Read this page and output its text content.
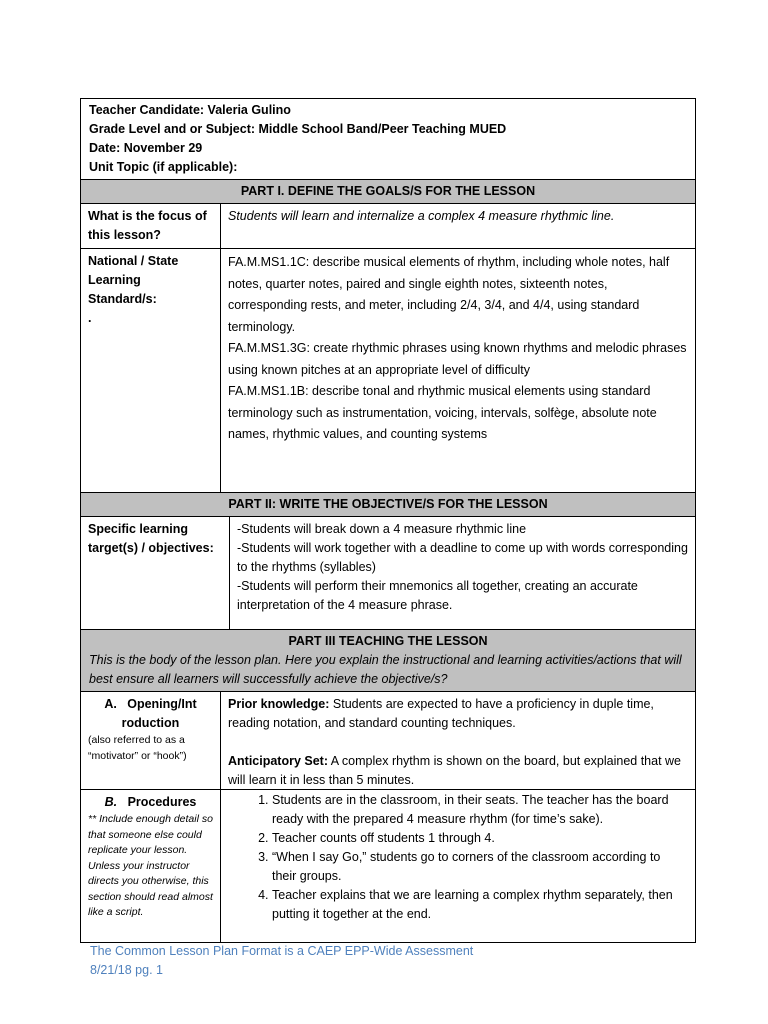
Teacher Candidate: Valeria Gulino
Grade Level and or Subject: Middle School Band/Peer Teaching MUED
Date: November 29
Unit Topic (if applicable):
PART I. DEFINE THE GOALS/S FOR THE LESSON
What is the focus of this lesson?
Students will learn and internalize a complex 4 measure rhythmic line.
National / State Learning Standard/s:
.
FA.M.MS1.1C: describe musical elements of rhythm, including whole notes, half notes, quarter notes, paired and single eighth notes, sixteenth notes, corresponding rests, and meter, including 2/4, 3/4, and 4/4, using standard terminology.
FA.M.MS1.3G: create rhythmic phrases using known rhythms and melodic phrases using known pitches at an appropriate level of difficulty
FA.M.MS1.1B: describe tonal and rhythmic musical elements using standard terminology such as instrumentation, voicing, intervals, solfège, absolute note names, rhythmic values, and counting systems
PART II: WRITE THE OBJECTIVE/S FOR THE LESSON
Specific learning target(s) / objectives:
-Students will break down a 4 measure rhythmic line
-Students will work together with a deadline to come up with words corresponding to the rhythms (syllables)
-Students will perform their mnemonics all together, creating an accurate interpretation of the 4 measure phrase.
PART III TEACHING THE LESSON
This is the body of the lesson plan. Here you explain the instructional and learning activities/actions that will best ensure all learners will successfully achieve the objective/s?
A.   Opening/Int roduction
(also referred to as a “motivator” or “hook”)
Prior knowledge: Students are expected to have a proficiency in duple time, reading notation, and standard counting techniques.
Anticipatory Set: A complex rhythm is shown on the board, but explained that we will learn it in less than 5 minutes.
B. Procedures
** Include enough detail so that someone else could replicate your lesson. Unless your instructor directs you otherwise, this section should read almost like a script.
1. Students are in the classroom, in their seats. The teacher has the board ready with the prepared 4 measure rhythm (for time’s sake).
2. Teacher counts off students 1 through 4.
3. “When I say Go,” students go to corners of the classroom according to their groups.
4. Teacher explains that we are learning a complex rhythm separately, then putting it together at the end.
The Common Lesson Plan Format is a CAEP EPP-Wide Assessment
8/21/18 pg. 1
